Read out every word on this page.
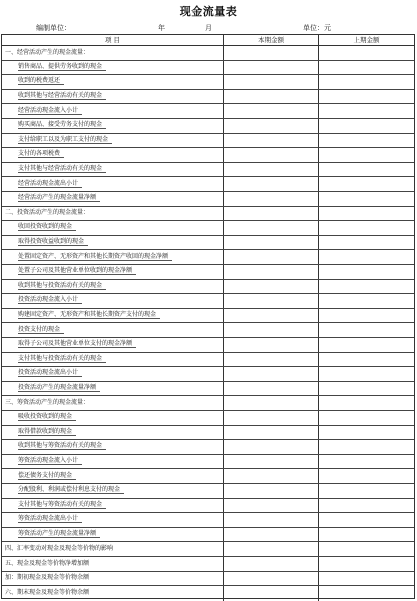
现金流量表
编制单位：	年	月	单位：元
项 目	本期金额	上期金额
一、经营活动产生的现金流量：
销售商品、提供劳务收到的现金
收到的税费返还
收到其他与经营活动有关的现金
经营活动现金流入小计
购买商品、接受劳务支付的现金
支付给职工以及为职工支付的现金
支付的各项税费
支付其他与经营活动有关的现金
经营活动现金流出小计
经营活动产生的现金流量净额
二、投资活动产生的现金流量：
收回投资收到的现金
取得投资收益收到的现金
处置固定资产、无形资产和其他长期资产收回的现金净额
处置子公司及其他营业单位收到的现金净额
收到其他与投资活动有关的现金
投资活动现金流入小计
购建固定资产、无形资产和其他长期资产支付的现金
投资支付的现金
取得子公司及其他营业单位支付的现金净额
支付其他与投资活动有关的现金
投资活动现金流出小计
投资活动产生的现金流量净额
三、筹资活动产生的现金流量：
吸收投资收到的现金
取得借款收到的现金
收到其他与筹资活动有关的现金
筹资活动现金流入小计
偿还债务支付的现金
分配股利、利润或偿付利息支付的现金
支付其他与筹资活动有关的现金
筹资活动现金流出小计
筹资活动产生的现金流量净额
四、汇率变动对现金及现金等价物的影响
五、现金及现金等价物净增加额
加：期初现金及现金等价物余额
六、期末现金及现金等价物余额
